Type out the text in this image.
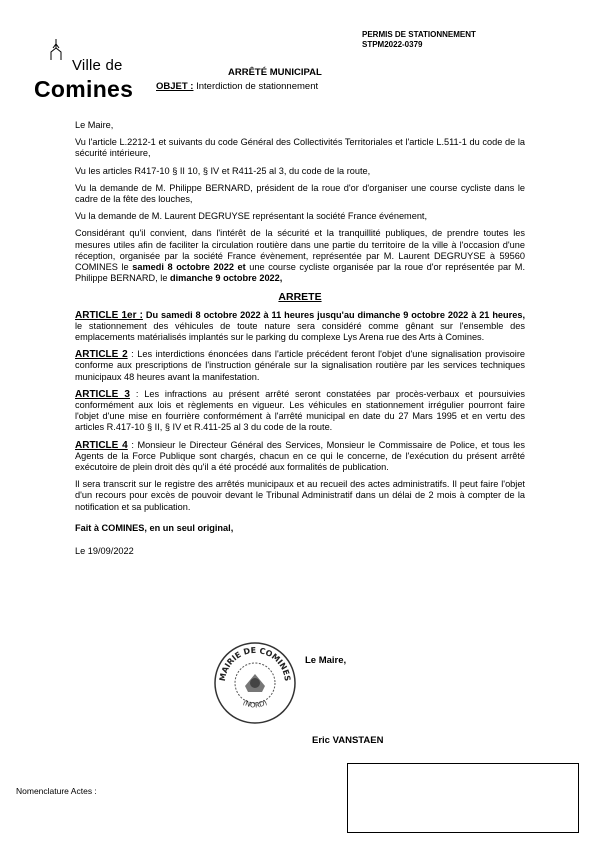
Ville de
Comines
PERMIS DE STATIONNEMENT
STPM2022-0379
ARRÊTÉ MUNICIPAL
OBJET : Interdiction de stationnement

Le Maire,

Vu l'article L.2212-1 et suivants du code Général des Collectivités Territoriales et l'article L.511-1 du code de la sécurité intérieure,

Vu les articles R417-10 § II 10, § IV et R411-25 al 3, du code de la route,

Vu la demande de M. Philippe BERNARD, président de la roue d'or d'organiser une course cycliste dans le cadre de la fête des louches,

Vu la demande de M. Laurent DEGRUYSE représentant la société France événement,

Considérant qu'il convient, dans l'intérêt de la sécurité et la tranquillité publiques, de prendre toutes les mesures utiles afin de faciliter la circulation routière dans une partie du territoire de la ville à l'occasion d'une réception, organisée par la société France évènement, représentée par M. Laurent DEGRUYSE à 59560 COMINES le samedi 8 octobre 2022 et une course cycliste organisée par la roue d'or représentée par M. Philippe BERNARD, le dimanche 9 octobre 2022,

ARRETE

ARTICLE 1er : Du samedi 8 octobre 2022 à 11 heures jusqu'au dimanche 9 octobre 2022 à 21 heures, le stationnement des véhicules de toute nature sera considéré comme gênant sur l'ensemble des emplacements matérialisés implantés sur le parking du complexe Lys Arena rue des Arts à Comines.

ARTICLE 2 : Les interdictions énoncées dans l'article précédent feront l'objet d'une signalisation provisoire conforme aux prescriptions de l'instruction générale sur la signalisation routière par les services techniques municipaux 48 heures avant la manifestation.

ARTICLE 3 : Les infractions au présent arrêté seront constatées par procès-verbaux et poursuivies conformément aux lois et règlements en vigueur. Les véhicules en stationnement irrégulier pourront faire l'objet d'une mise en fourrière conformément à l'arrêté municipal en date du 27 Mars 1995 et en vertu des articles R.417-10 § II, § IV et R.411-25 al 3 du code de la route.

ARTICLE 4 : Monsieur le Directeur Général des Services, Monsieur le Commissaire de Police, et tous les Agents de la Force Publique sont chargés, chacun en ce qui le concerne, de l'exécution du présent arrêté exécutoire de plein droit dès qu'il a été procédé aux formalités de publication.

Il sera transcrit sur le registre des arrêtés municipaux et au recueil des actes administratifs. Il peut faire l'objet d'un recours pour excès de pouvoir devant le Tribunal Administratif dans un délai de 2 mois à compter de la notification et sa publication.

Fait à COMINES, en un seul original,

Le 19/09/2022

MAIRIE DE COMINES
(NORD)
Le Maire,
Eric VANSTAEN
Nomenclature Actes :
